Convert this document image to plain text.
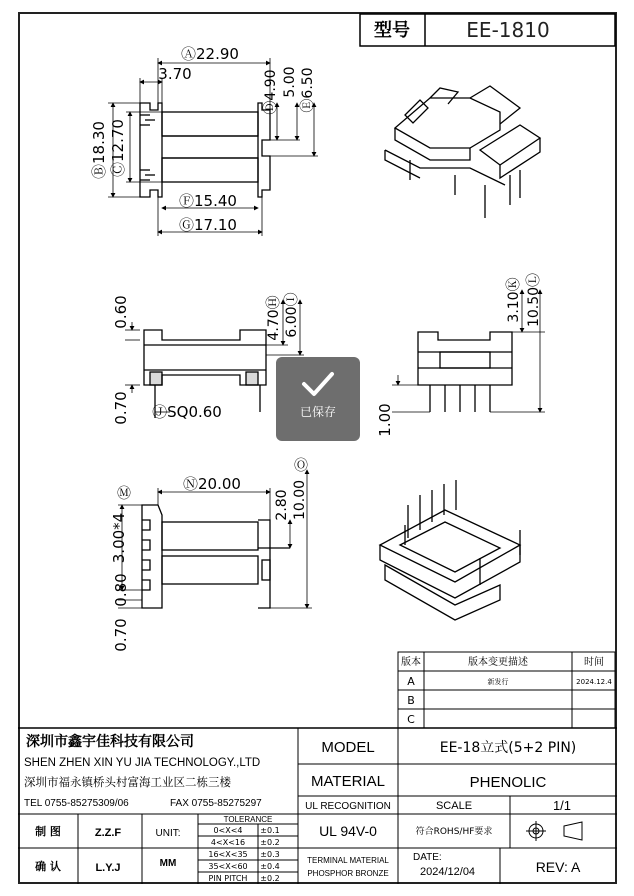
型号	EE-1810
Ⓐ22.90
3.70
Ⓑ18.30 Ⓒ12.70
Ⓓ4.90 5.00 Ⓔ6.50
Ⓕ15.40
Ⓖ17.10
0.60
0.70 ⒿSQ0.60
4.70Ⓗ 6.00Ⓘ	3.10Ⓚ 10.50Ⓛ
1.00
Ⓜ
3.00*4
0.80
0.70
Ⓝ20.00
Ⓞ
2.80 10.00
版本	版本变更描述	时间
A	新发行	2024.12.4
B
C
深圳市鑫宇佳科技有限公司
SHEN ZHEN XIN YU JIA TECHNOLOGY.,LTD
深圳市福永镇桥头村富海工业区二栋三楼
TEL 0755-85275309/06	FAX 0755-85275297
MODEL	EE-18立式(5+2 PIN)
MATERIAL	PHENOLIC
UL RECOGNITION	SCALE	1/1
UL 94V-0	符合ROHS/HF要求
TERMINAL MATERIAL
PHOSPHOR BRONZE
DATE:
2024/12/04	REV: A
制 图	Z.Z.F
确 认	L.Y.J
UNIT:
MM
TOLERANCE
0<X<4 ±0.1
4<X<16 ±0.2
16<X<35 ±0.3
35<X<60 ±0.4
PIN PITCH ±0.2
已保存
